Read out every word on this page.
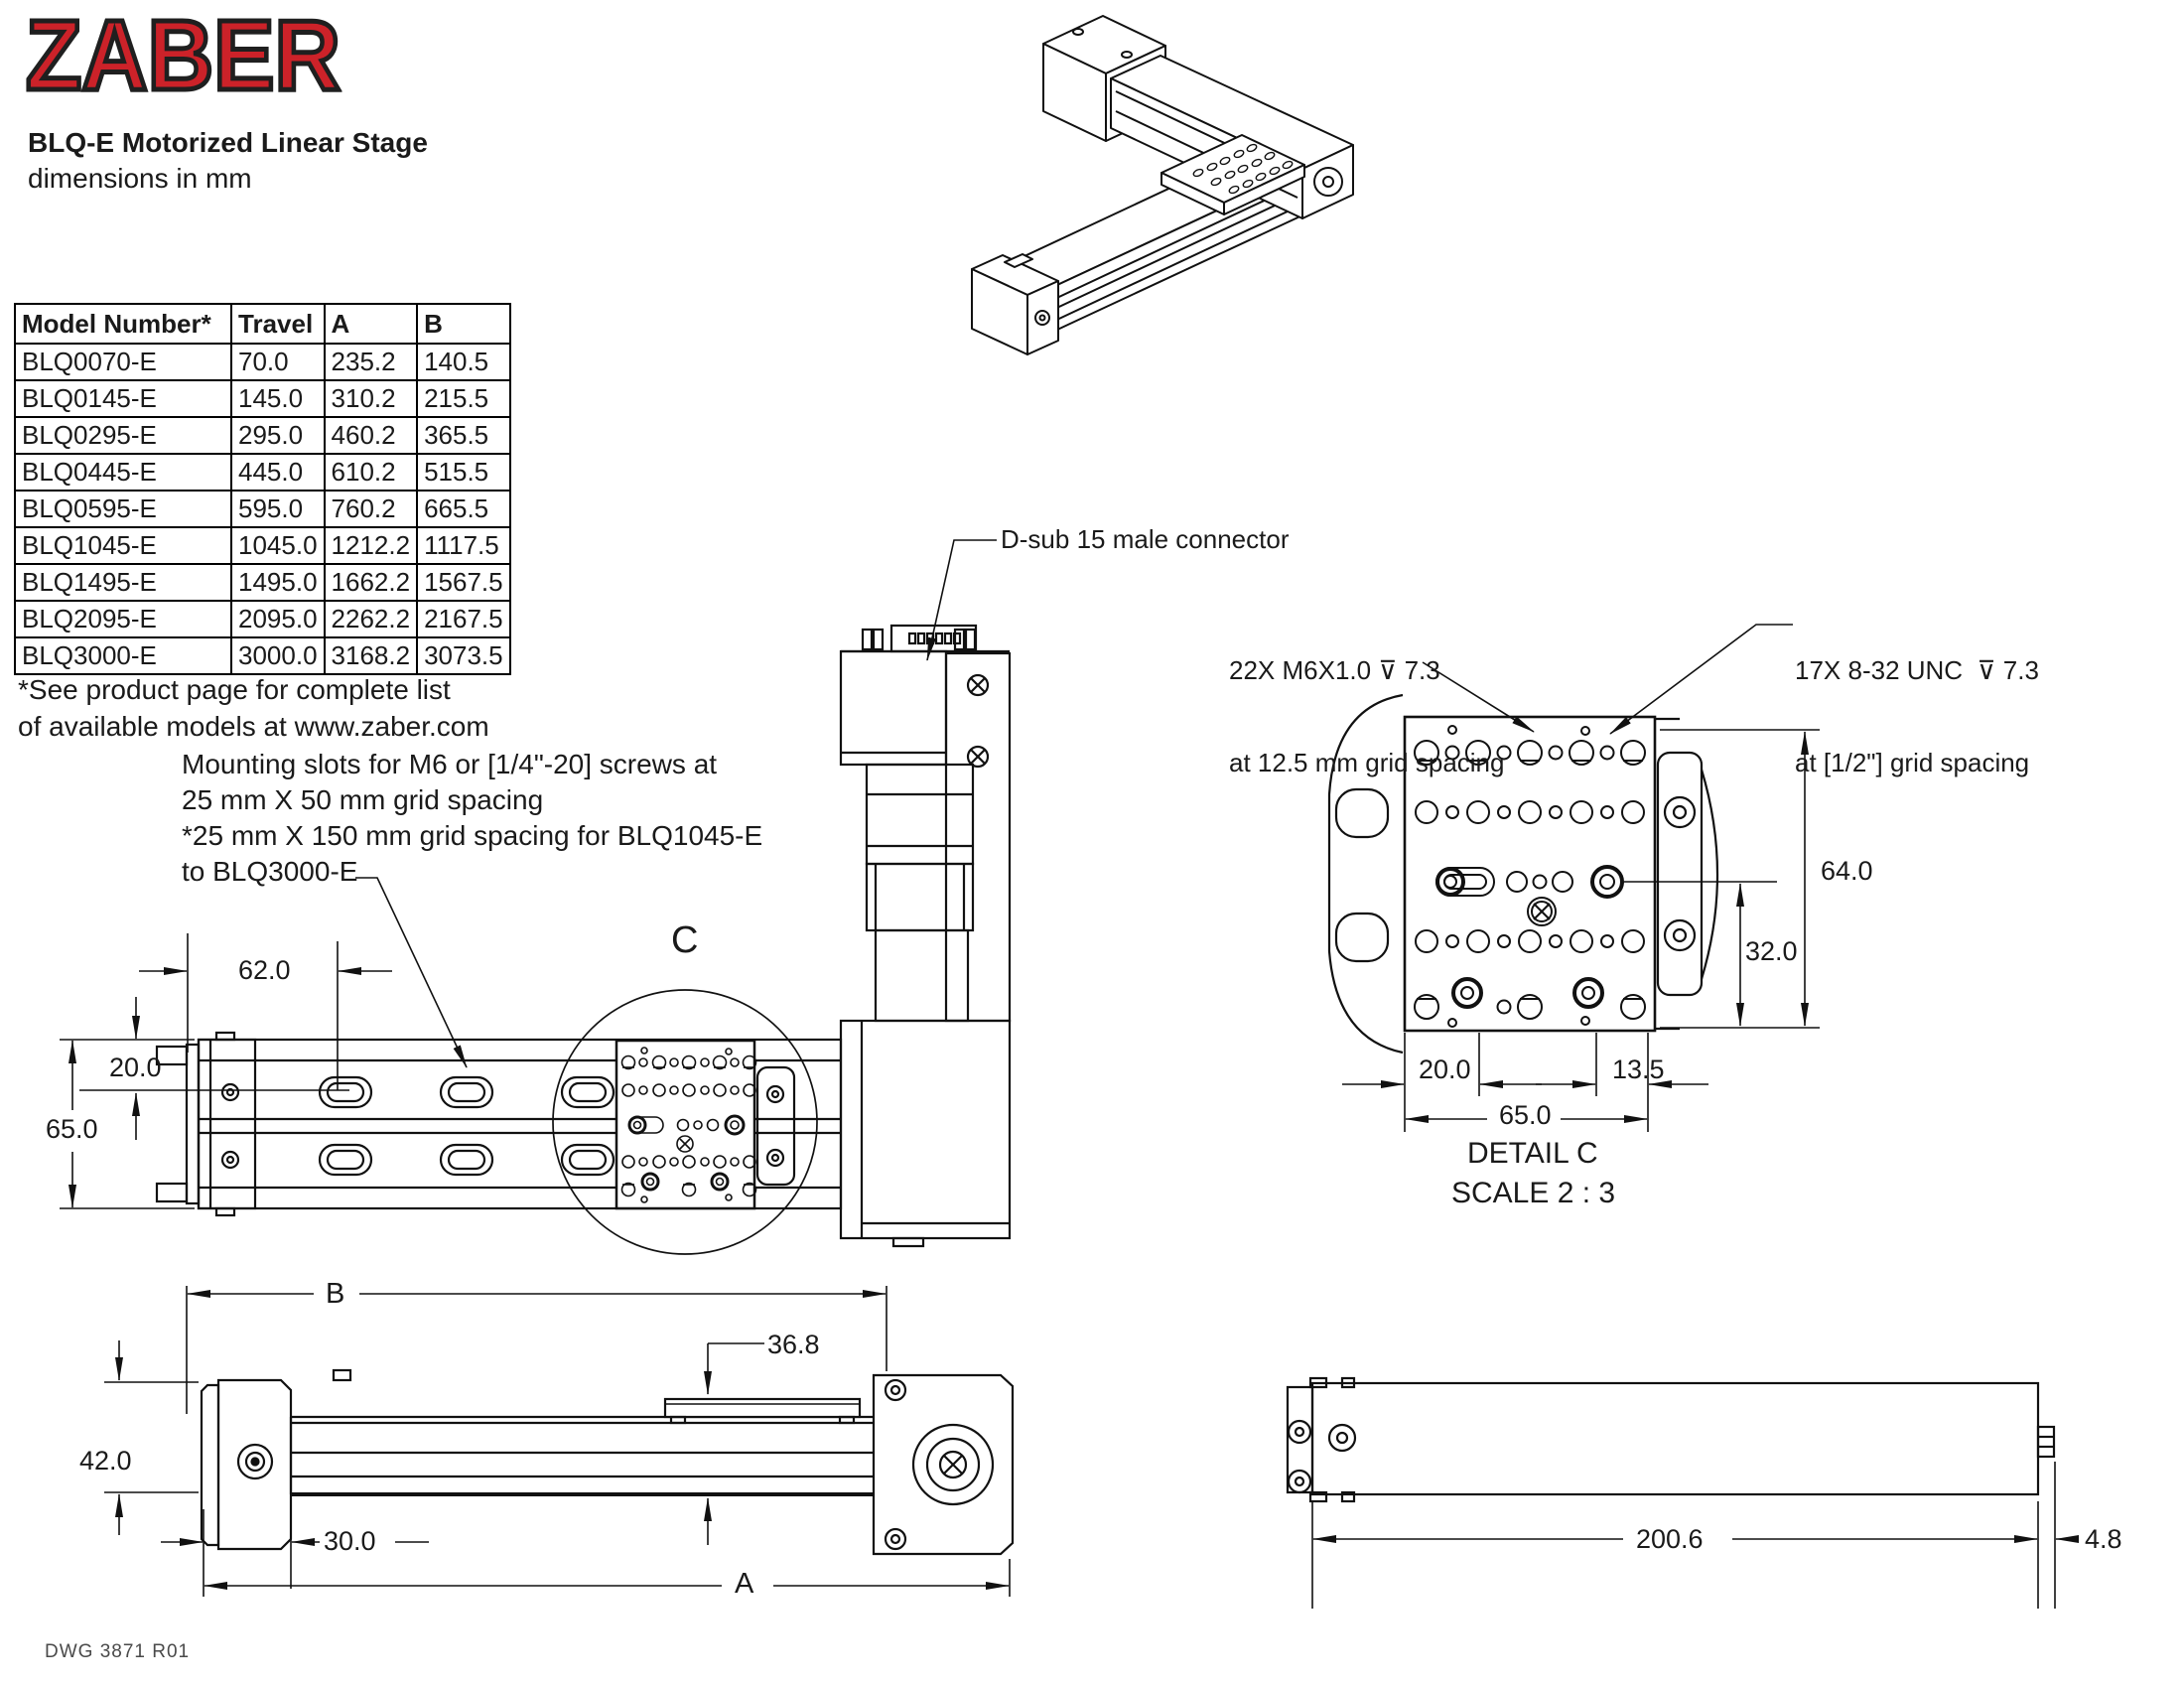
ZABER
BLQ-E Motorized Linear Stage
dimensions in mm
Model Number*	Travel	A	B
BLQ0070-E	70.0	235.2	140.5
BLQ0145-E	145.0	310.2	215.5
BLQ0295-E	295.0	460.2	365.5
BLQ0445-E	445.0	610.2	515.5
BLQ0595-E	595.0	760.2	665.5
BLQ1045-E	1045.0	1212.2	1117.5
BLQ1495-E	1495.0	1662.2	1567.5
BLQ2095-E	2095.0	2262.2	2167.5
BLQ3000-E	3000.0	3168.2	3073.5
*See product page for complete list
of available models at www.zaber.com
D-sub 15 male connector

22X M6X1.0 ⊽ 7.3

at 12.5 mm grid spacing

17X 8-32 UNC  ⊽ 7.3

at [1/2"] grid spacing

Mounting slots for M6 or [1/4"-20] screws at
25 mm X 50 mm grid spacing
*25 mm X 150 mm grid spacing for BLQ1045-E
to BLQ3000-E
62.0
20.0
65.0
C
B
36.8
42.0
30.0
A
200.6	4.8
64.0
32.0
20.0	13.5
65.0
DETAIL C
SCALE 2 : 3
DWG 3871 R01
